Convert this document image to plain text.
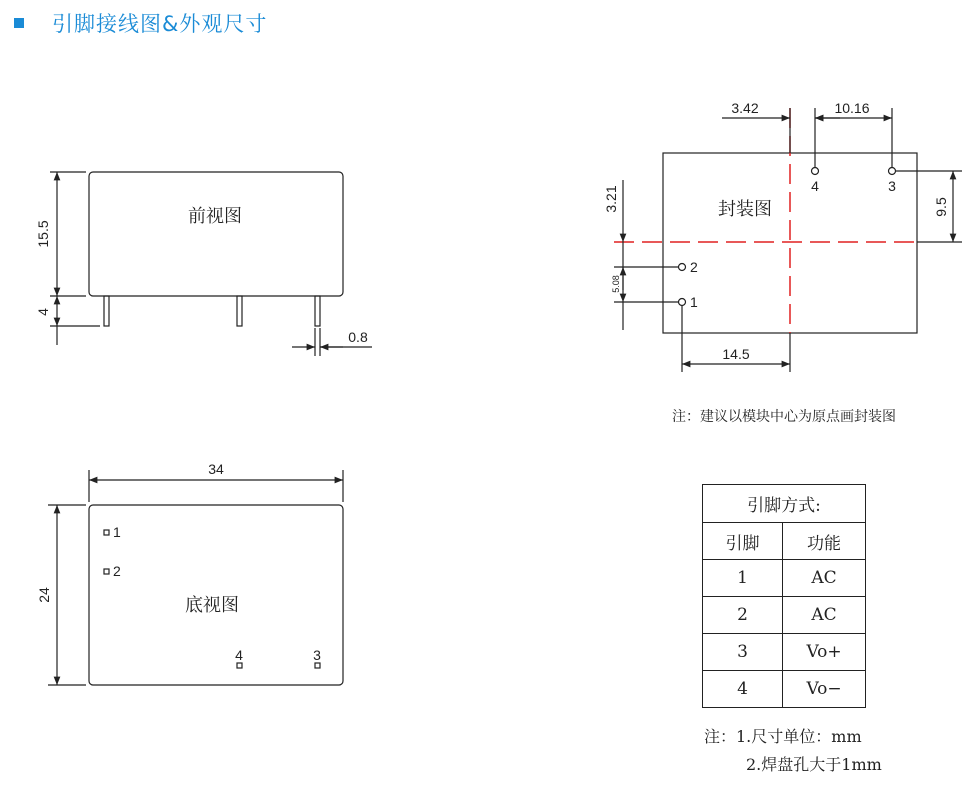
引脚接线图&外观尺寸
前视图
15.5
4
0.8
底视图
34
24
1
2
4	3
封装图
3.42	10.16
3.21
5.08
9.5
14.5
4	3
2
1
注：建议以模块中心为原点画封装图
引脚方式:	
引脚	功能
1	AC
2	AC
3	Vo+
4	Vo−
注：1.尺寸单位：mm
2.焊盘孔大于1mm
